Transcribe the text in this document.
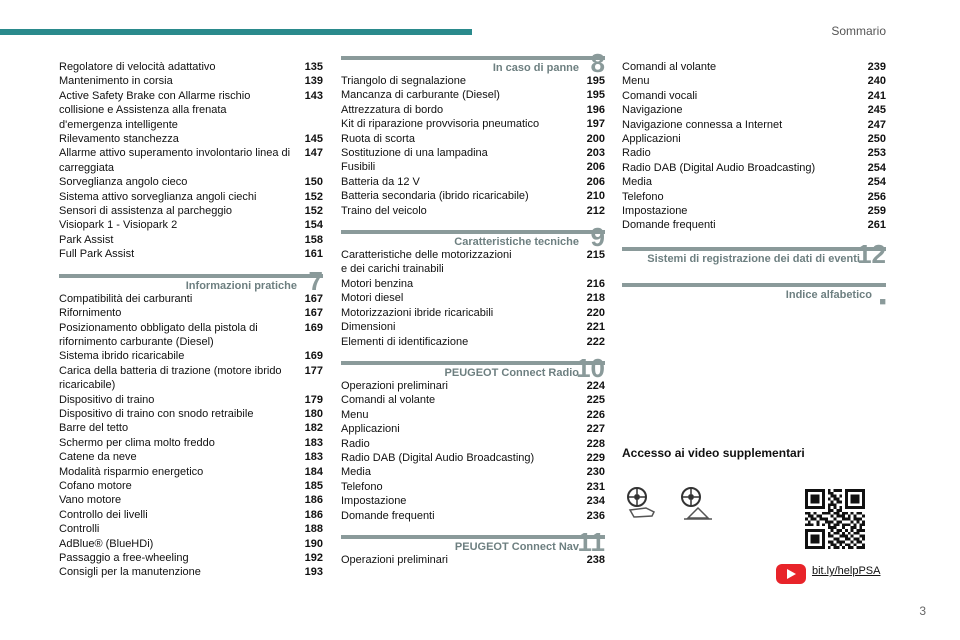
Sommario
Regolatore di velocità adattativo	135
Mantenimento in corsia	139
Active Safety Brake con Allarme rischio
collisione e Assistenza alla frenata
d'emergenza intelligente
143
Rilevamento stanchezza	145
Allarme attivo superamento involontario linea di
carreggiata
147
Sorveglianza angolo cieco	150
Sistema attivo sorveglianza angoli ciechi	152
Sensori di assistenza al parcheggio	152
Visiopark 1 - Visiopark 2	154
Park Assist	158
Full Park Assist	161
Informazioni pratiche 7
Compatibilità dei carburanti	167
Rifornimento	167
Posizionamento obbligato della pistola di
rifornimento carburante (Diesel)
169
Sistema ibrido ricaricabile	169
Carica della batteria di trazione (motore ibrido
ricaricabile)
177
Dispositivo di traino	179
Dispositivo di traino con snodo retraibile	180
Barre del tetto	182
Schermo per clima molto freddo	183
Catene da neve	183
Modalità risparmio energetico	184
Cofano motore	185
Vano motore	186
Controllo dei livelli	186
Controlli	188
AdBlue® (BlueHDi)	190
Passaggio a free-wheeling	192
Consigli per la manutenzione	193
In caso di panne 8
Triangolo di segnalazione	195
Mancanza di carburante (Diesel)	195
Attrezzatura di bordo	196
Kit di riparazione provvisoria pneumatico	197
Ruota di scorta	200
Sostituzione di una lampadina	203
Fusibili	206
Batteria da 12 V	206
Batteria secondaria (ibrido ricaricabile)	210
Traino del veicolo	212
Caratteristiche tecniche 9
Caratteristiche delle motorizzazioni
e dei carichi trainabili
215
Motori benzina	216
Motori diesel	218
Motorizzazioni ibride ricaricabili	220
Dimensioni	221
Elementi di identificazione	222
PEUGEOT Connect Radio
10
Operazioni preliminari	224
Comandi al volante	225
Menu	226
Applicazioni	227
Radio	228
Radio DAB (Digital Audio Broadcasting)	229
Media	230
Telefono	231
Impostazione	234
Domande frequenti	236
PEUGEOT Connect Nav
11
Operazioni preliminari	238
Comandi al volante	239
Menu	240
Comandi vocali	241
Navigazione	245
Navigazione connessa a Internet	247
Applicazioni	250
Radio	253
Radio DAB (Digital Audio Broadcasting)	254
Media	254
Telefono	256
Impostazione	259
Domande frequenti	261
Sistemi di registrazione dei dati di eventi
12
Indice alfabetico
■
Accesso ai video supplementari
bit.ly/helpPSA
3
